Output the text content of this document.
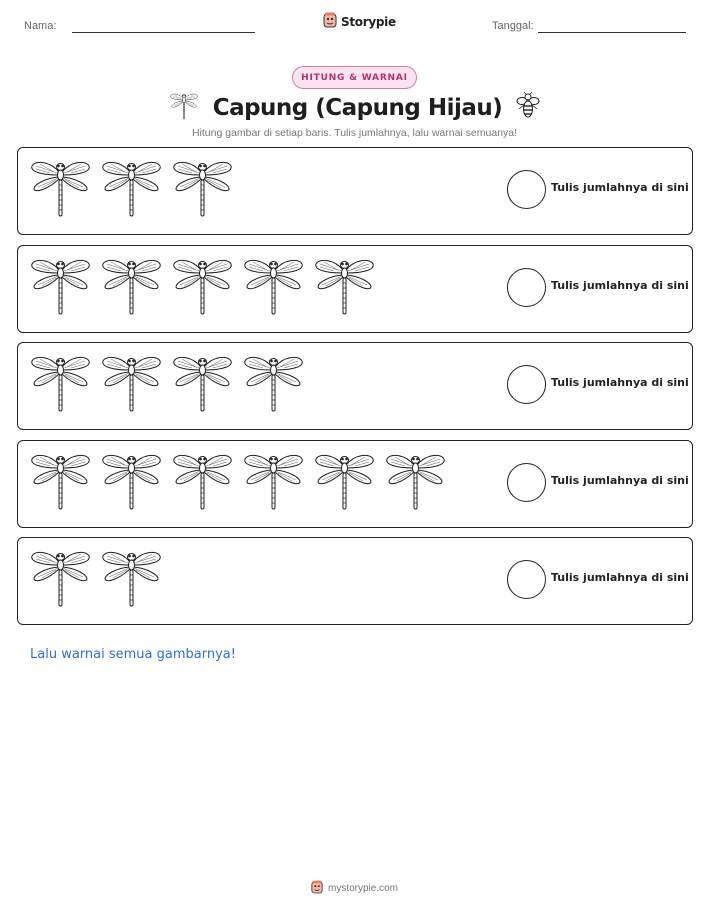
Nama:	Storypie	Tanggal:
HITUNG & WARNAI
Capung (Capung Hijau)
Hitung gambar di setiap baris. Tulis jumlahnya, lalu warnai semuanya!
Tulis jumlahnya di sini
Tulis jumlahnya di sini
Tulis jumlahnya di sini
Tulis jumlahnya di sini
Tulis jumlahnya di sini
Lalu warnai semua gambarnya!
mystorypie.com
